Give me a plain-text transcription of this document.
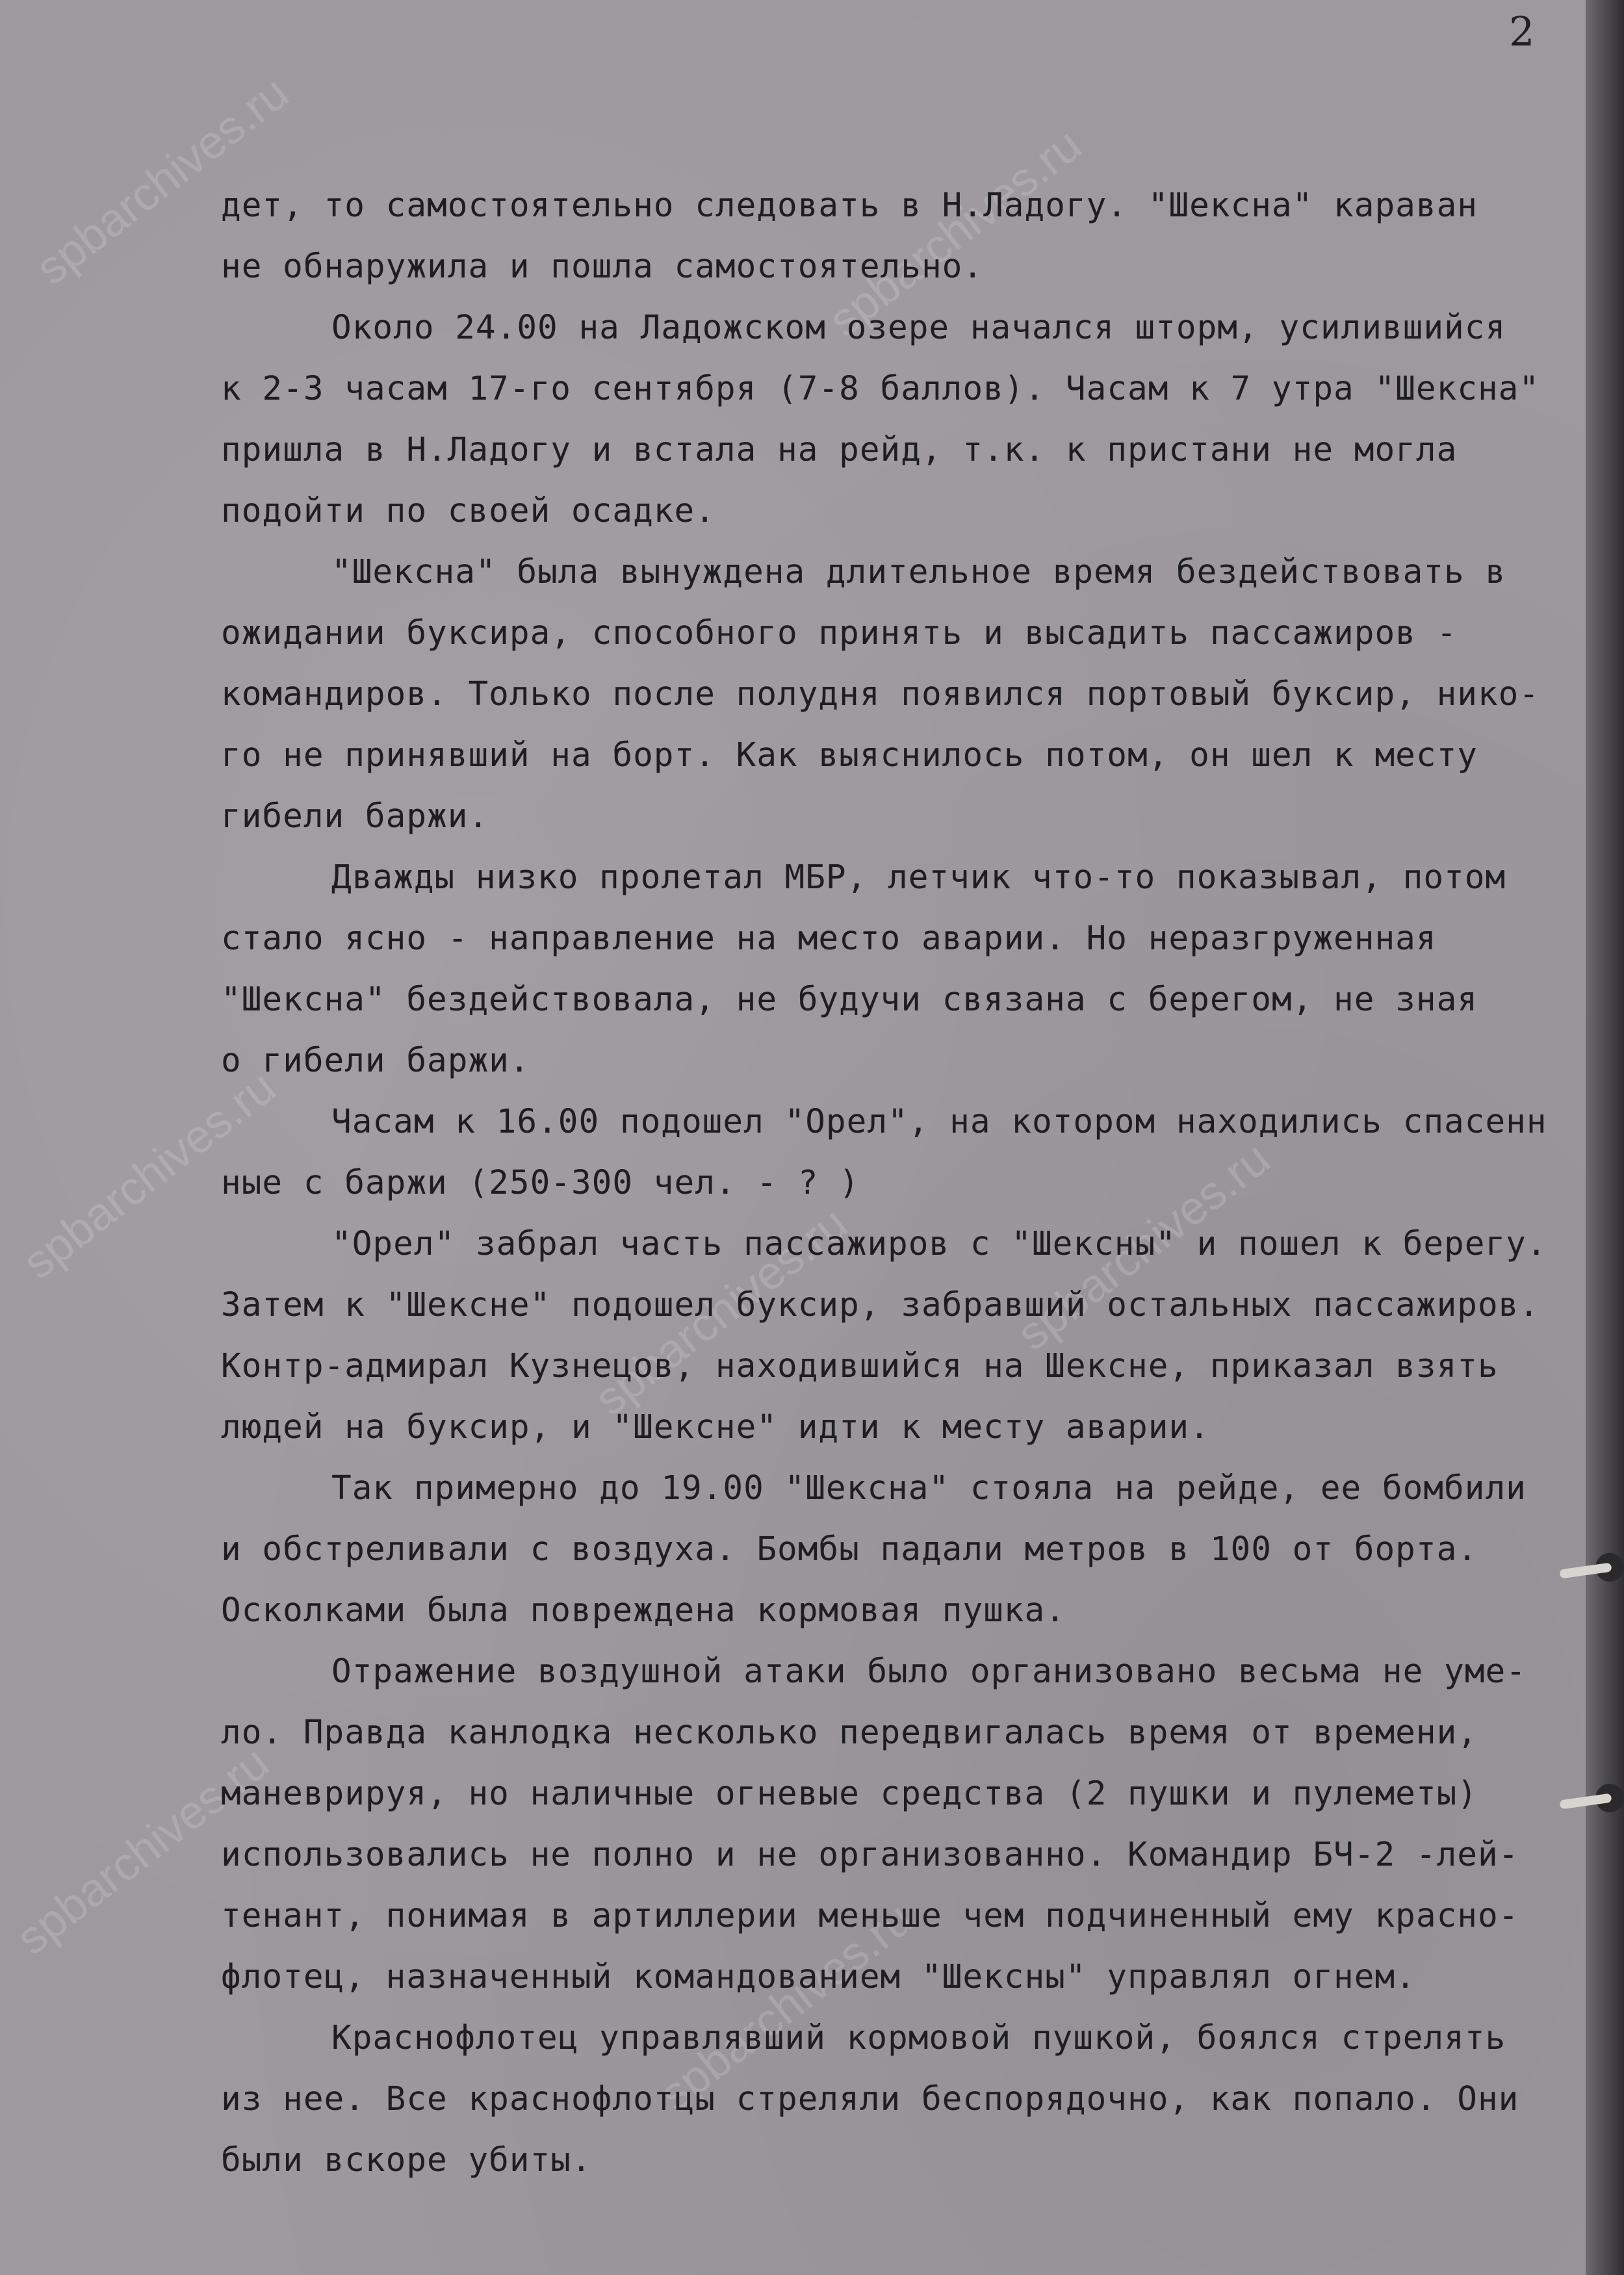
spbarchives.ru	spbarchives.ru
spbarchives.ru
spbarchives.ru	spbarchives.ru
spbarchives.ru
spbarchives.ru
2

дет, то самостоятельно следовать в Н.Ладогу. "Шексна" караван

не обнаружила и пошла самостоятельно.

Около 24.00 на Ладожском озере начался шторм, усилившийся

к 2-3 часам 17-го сентября (7-8 баллов). Часам к 7 утра "Шексна"

пришла в Н.Ладогу и встала на рейд, т.к. к пристани не могла

подойти по своей осадке.

"Шексна" была вынуждена длительное время бездействовать в

ожидании буксира, способного принять и высадить пассажиров -

командиров. Только после полудня появился портовый буксир, нико-

го не принявший на борт. Как выяснилось потом, он шел к месту

гибели баржи.

Дважды низко пролетал МБР, летчик что-то показывал, потом

стало ясно - направление на место аварии. Но неразгруженная

"Шексна" бездействовала, не будучи связана с берегом, не зная

о гибели баржи.

Часам к 16.00 подошел "Орел", на котором находились спасенн

ные с баржи (250-300 чел. - ? )

"Орел" забрал часть пассажиров с "Шексны" и пошел к берегу.

Затем к "Шексне" подошел буксир, забравший остальных пассажиров.

Контр-адмирал Кузнецов, находившийся на Шексне, приказал взять

людей на буксир, и "Шексне" идти к месту аварии.

Так примерно до 19.00 "Шексна" стояла на рейде, ее бомбили

и обстреливали с воздуха. Бомбы падали метров в 100 от борта.

Осколками была повреждена кормовая пушка.

Отражение воздушной атаки было организовано весьма не уме-

ло. Правда канлодка несколько передвигалась время от времени,

маневрируя, но наличные огневые средства (2 пушки и пулеметы)

использовались не полно и не организованно. Командир БЧ-2 -лей-

тенант, понимая в артиллерии меньше чем подчиненный ему красно-

флотец, назначенный командованием "Шексны" управлял огнем.

Краснофлотец управлявший кормовой пушкой, боялся стрелять

из нее. Все краснофлотцы стреляли беспорядочно, как попало. Они

были вскоре убиты.
